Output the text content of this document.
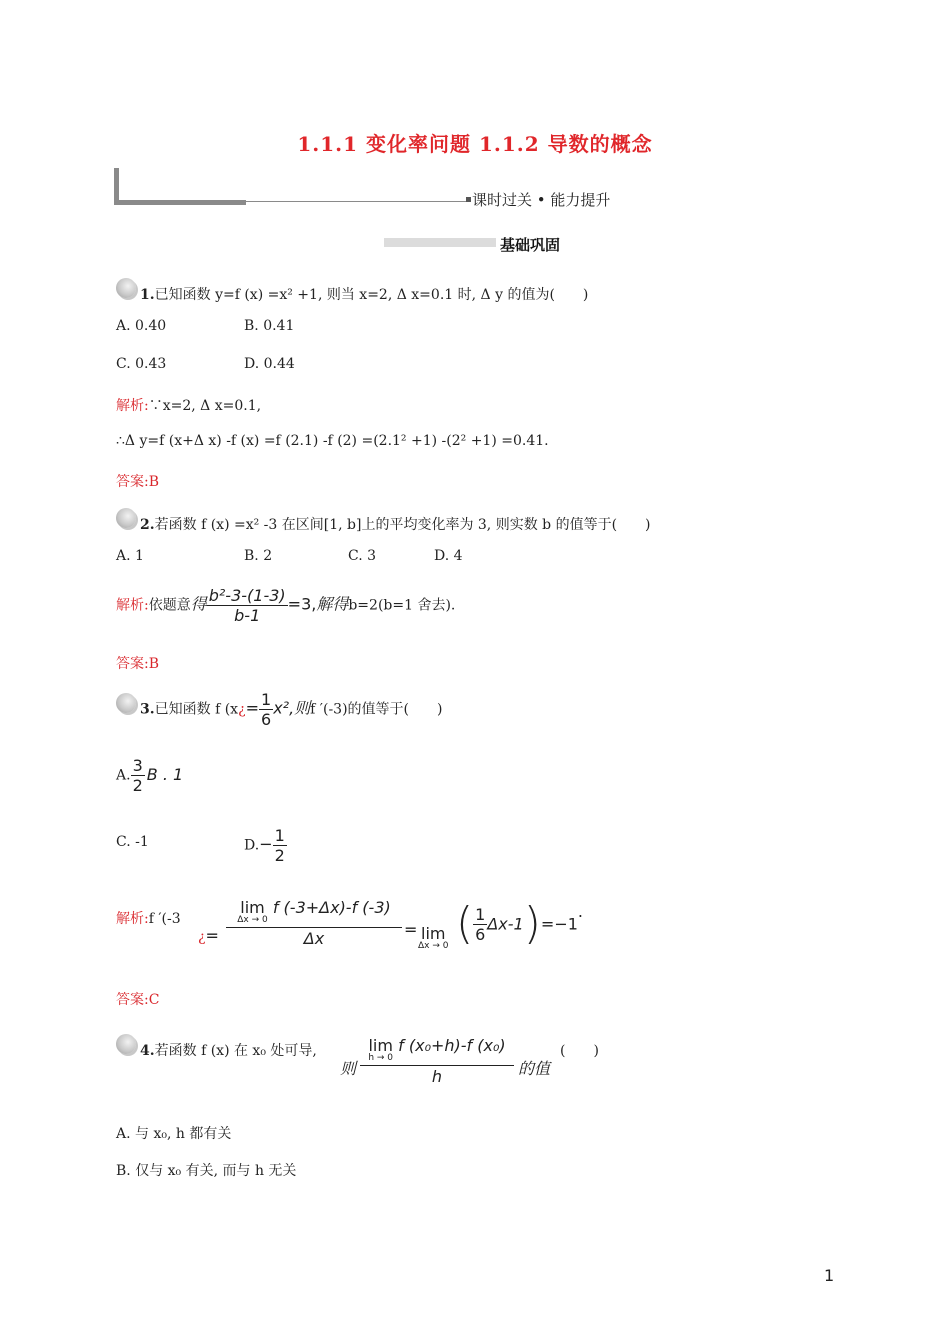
1.1.1 变化率问题 1.1.2 导数的概念
课时过关 • 能力提升
基础巩固
1.已知函数 y=f (x) =x² +1, 则当 x=2, Δ x=0.1 时, Δ y 的值为(　　)
A. 0.40	B. 0.41
C. 0.43	D. 0.44
解析:∵x=2, Δ x=0.1,
∴Δ y=f (x+Δ x) -f (x) =f (2.1) -f (2) =(2.1² +1) -(2² +1) =0.41.
答案:B
2.若函数 f (x) =x² -3 在区间[1, b]上的平均变化率为 3, 则实数 b 的值等于(　　)
A. 1	B. 2	C. 3	D. 4
解析:依题意得 $\frac{\text{b²-3-(1-3)}}{b-1} =3$,解得b=2(b=1 舍去).
答案:B
3.已知函数 f (x¿= $\frac{1}{6} x^2$,则f ′(-3)的值等于(　　)
A. $\frac{3}{2}$ B . 1
C. -1	$D.- \frac{1}{2}$
解析:f ′(-3
¿= lim
Δx → 0
f (-3+Δx)-f (-3)
Δx = lim
Δx → 0 ( $\frac{1}{6} \Delta x-1)=-1$.
答案:C
4.若函数 f (x) 在 x₀ 处可导,
则 lim
h → 0
f (x₀+h)-f (x₀)
h 的值
(　　)
A. 与 x₀, h 都有关
B. 仅与 x₀ 有关, 而与 h 无关
1
